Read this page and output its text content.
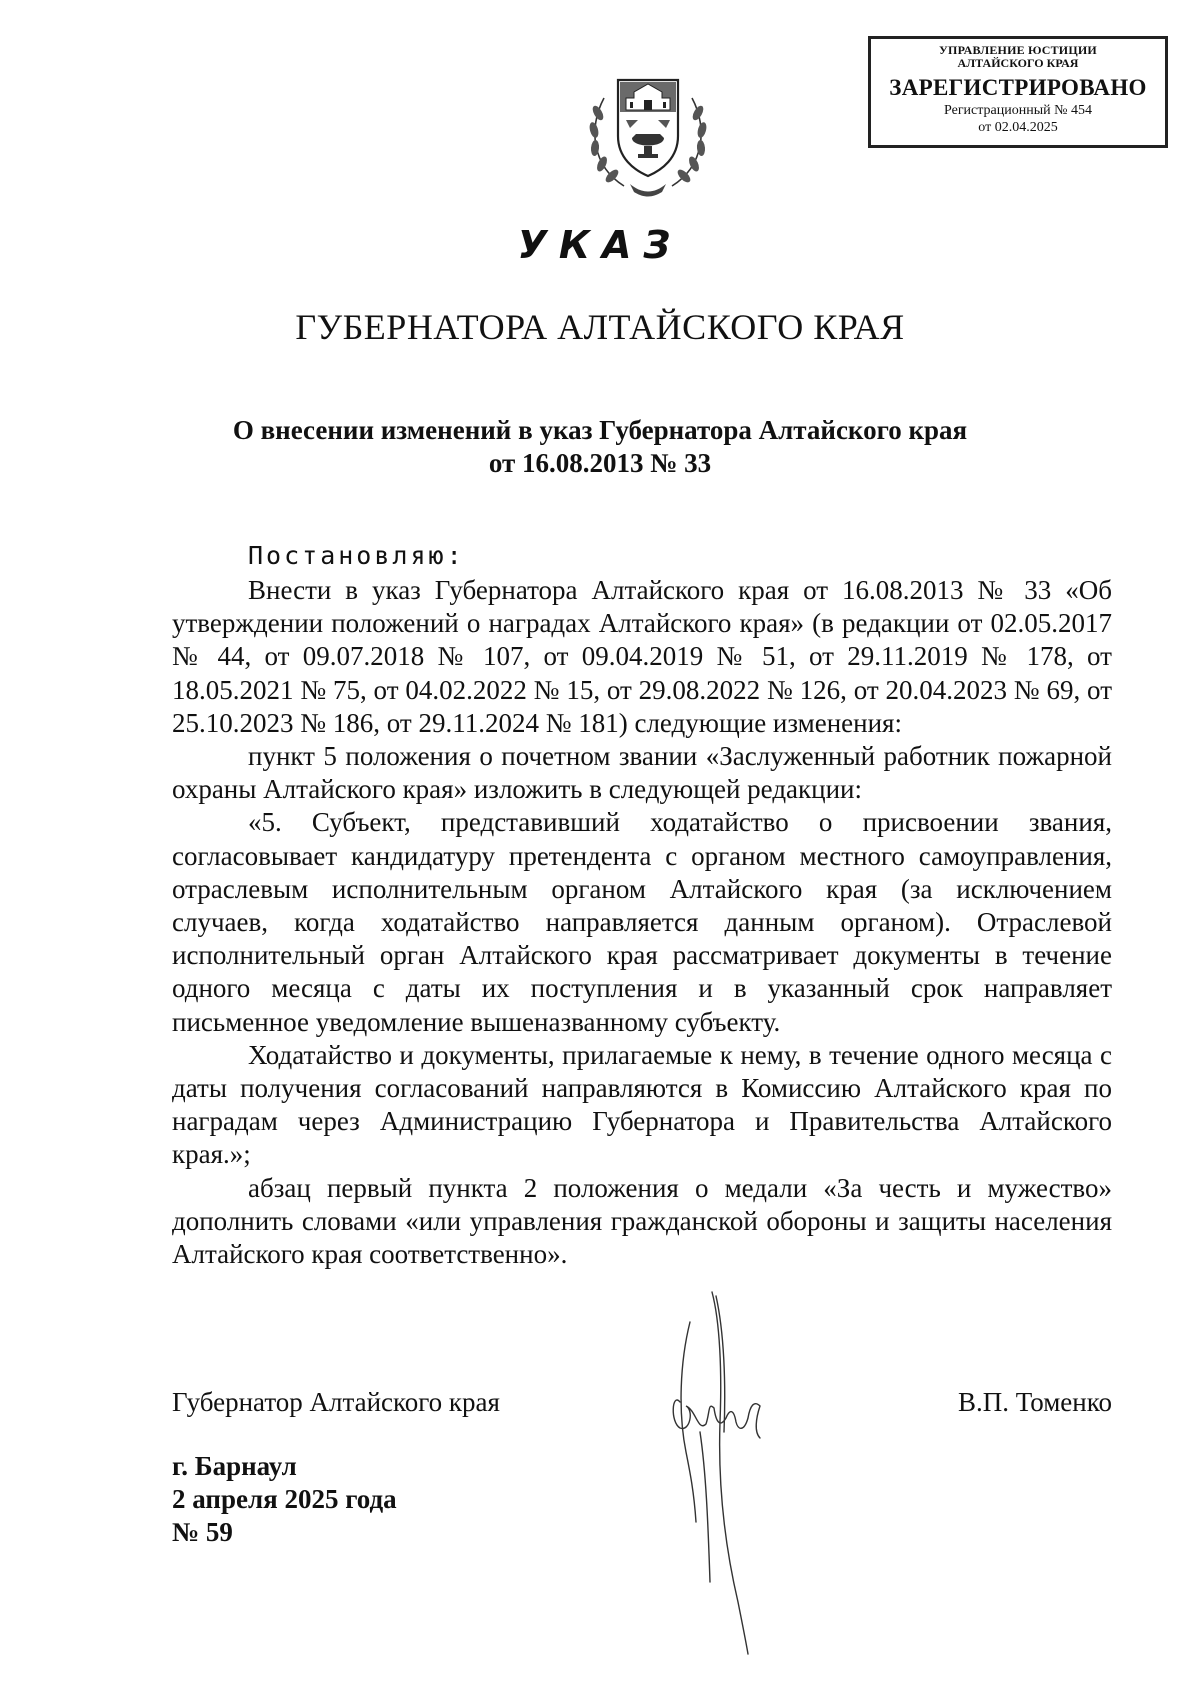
УПРАВЛЕНИЕ ЮСТИЦИИ
АЛТАЙСКОГО КРАЯ
ЗАРЕГИСТРИРОВАНО
Регистрационный № 454
от 02.04.2025
УКАЗ
ГУБЕРНАТОРА АЛТАЙСКОГО КРАЯ
О внесении изменений в указ Губернатора Алтайского края
от 16.08.2013 № 33
Постановляю:

Внести в указ Губернатора Алтайского края от 16.08.2013 № 33 «Об утверждении положений о наградах Алтайского края» (в редакции от 02.05.2017 № 44, от 09.07.2018 № 107, от 09.04.2019 № 51, от 29.11.2019 № 178, от 18.05.2021 № 75, от 04.02.2022 № 15, от 29.08.2022 № 126, от 20.04.2023 № 69, от 25.10.2023 № 186, от 29.11.2024 № 181) следующие изменения:

пункт 5 положения о почетном звании «Заслуженный работник пожарной охраны Алтайского края» изложить в следующей редакции:

«5. Субъект, представивший ходатайство о присвоении звания, согласовывает кандидатуру претендента с органом местного самоуправления, отраслевым исполнительным органом Алтайского края (за исключением случаев, когда ходатайство направляется данным органом). Отраслевой исполнительный орган Алтайского края рассматривает документы в течение одного месяца с даты их поступления и в указанный срок направляет письменное уведомление вышеназванному субъекту.

Ходатайство и документы, прилагаемые к нему, в течение одного месяца с даты получения согласований направляются в Комиссию Алтайского края по наградам через Администрацию Губернатора и Правительства Алтайского края.»;

абзац первый пункта 2 положения о медали «За честь и мужество» дополнить словами «или управления гражданской обороны и защиты населения Алтайского края соответственно».

Губернатор Алтайского края	В.П. Томенко
г. Барнаул
2 апреля 2025 года
№ 59
